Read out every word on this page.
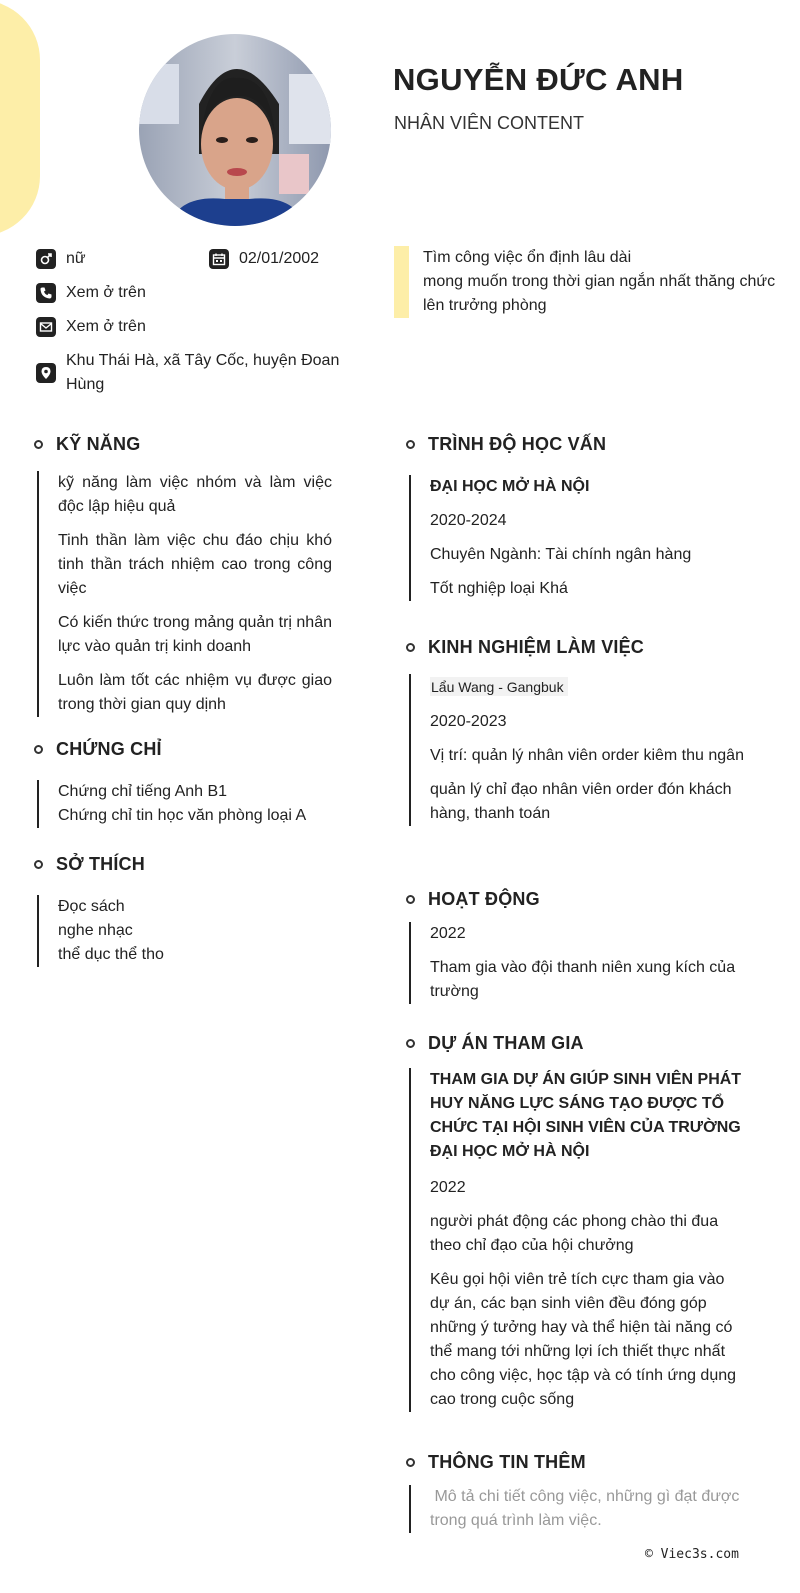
NGUYỄN ĐỨC ANH
NHÂN VIÊN CONTENT
nữ	02/01/2002
Xem ở trên
Xem ở trên
Khu Thái Hà, xã Tây Cốc, huyện Đoan Hùng
Tìm công việc ổn định lâu dài
mong muốn trong thời gian ngắn nhất thăng chức lên trưởng phòng
KỸ NĂNG
kỹ năng làm việc nhóm và làm việc độc lập hiệu quả
Tinh thần làm việc chu đáo chịu khó tinh thần trách nhiệm cao trong công việc
Có kiến thức trong mảng quản trị nhân lực vào quản trị kinh doanh
Luôn làm tốt các nhiệm vụ được giao trong thời gian quy dịnh
CHỨNG CHỈ
Chứng chỉ tiếng Anh B1
Chứng chỉ tin học văn phòng loại A
SỞ THÍCH
Đọc sách
nghe nhạc
thể dục thể tho
TRÌNH ĐỘ HỌC VẤN
ĐẠI HỌC MỞ HÀ NỘI
2020-2024
Chuyên Ngành: Tài chính ngân hàng
Tốt nghiệp loại Khá
KINH NGHIỆM LÀM VIỆC
Lẩu Wang - Gangbuk
2020-2023
Vị trí: quản lý nhân viên order kiêm thu ngân
quản lý chỉ đạo nhân viên order đón khách hàng, thanh toán
HOẠT ĐỘNG
2022
Tham gia vào đội thanh niên xung kích của trường
DỰ ÁN THAM GIA
THAM GIA DỰ ÁN GIÚP SINH VIÊN PHÁT HUY NĂNG LỰC SÁNG TẠO ĐƯỢC TỔ CHỨC TẠI HỘI SINH VIÊN CỦA TRƯỜNG ĐẠI HỌC MỞ HÀ NỘI
2022
người phát động các phong chào thi đua theo chỉ đạo của hội chưởng
Kêu gọi hội viên trẻ tích cực tham gia vào dự án, các bạn sinh viên đều đóng góp những ý tưởng hay và thể hiện tài năng có thể mang tới những lợi ích thiết thực nhất cho công việc, học tập và có tính ứng dụng cao trong cuộc sống
THÔNG TIN THÊM
Mô tả chi tiết công việc, những gì đạt được trong quá trình làm việc.
© Viec3s.com
